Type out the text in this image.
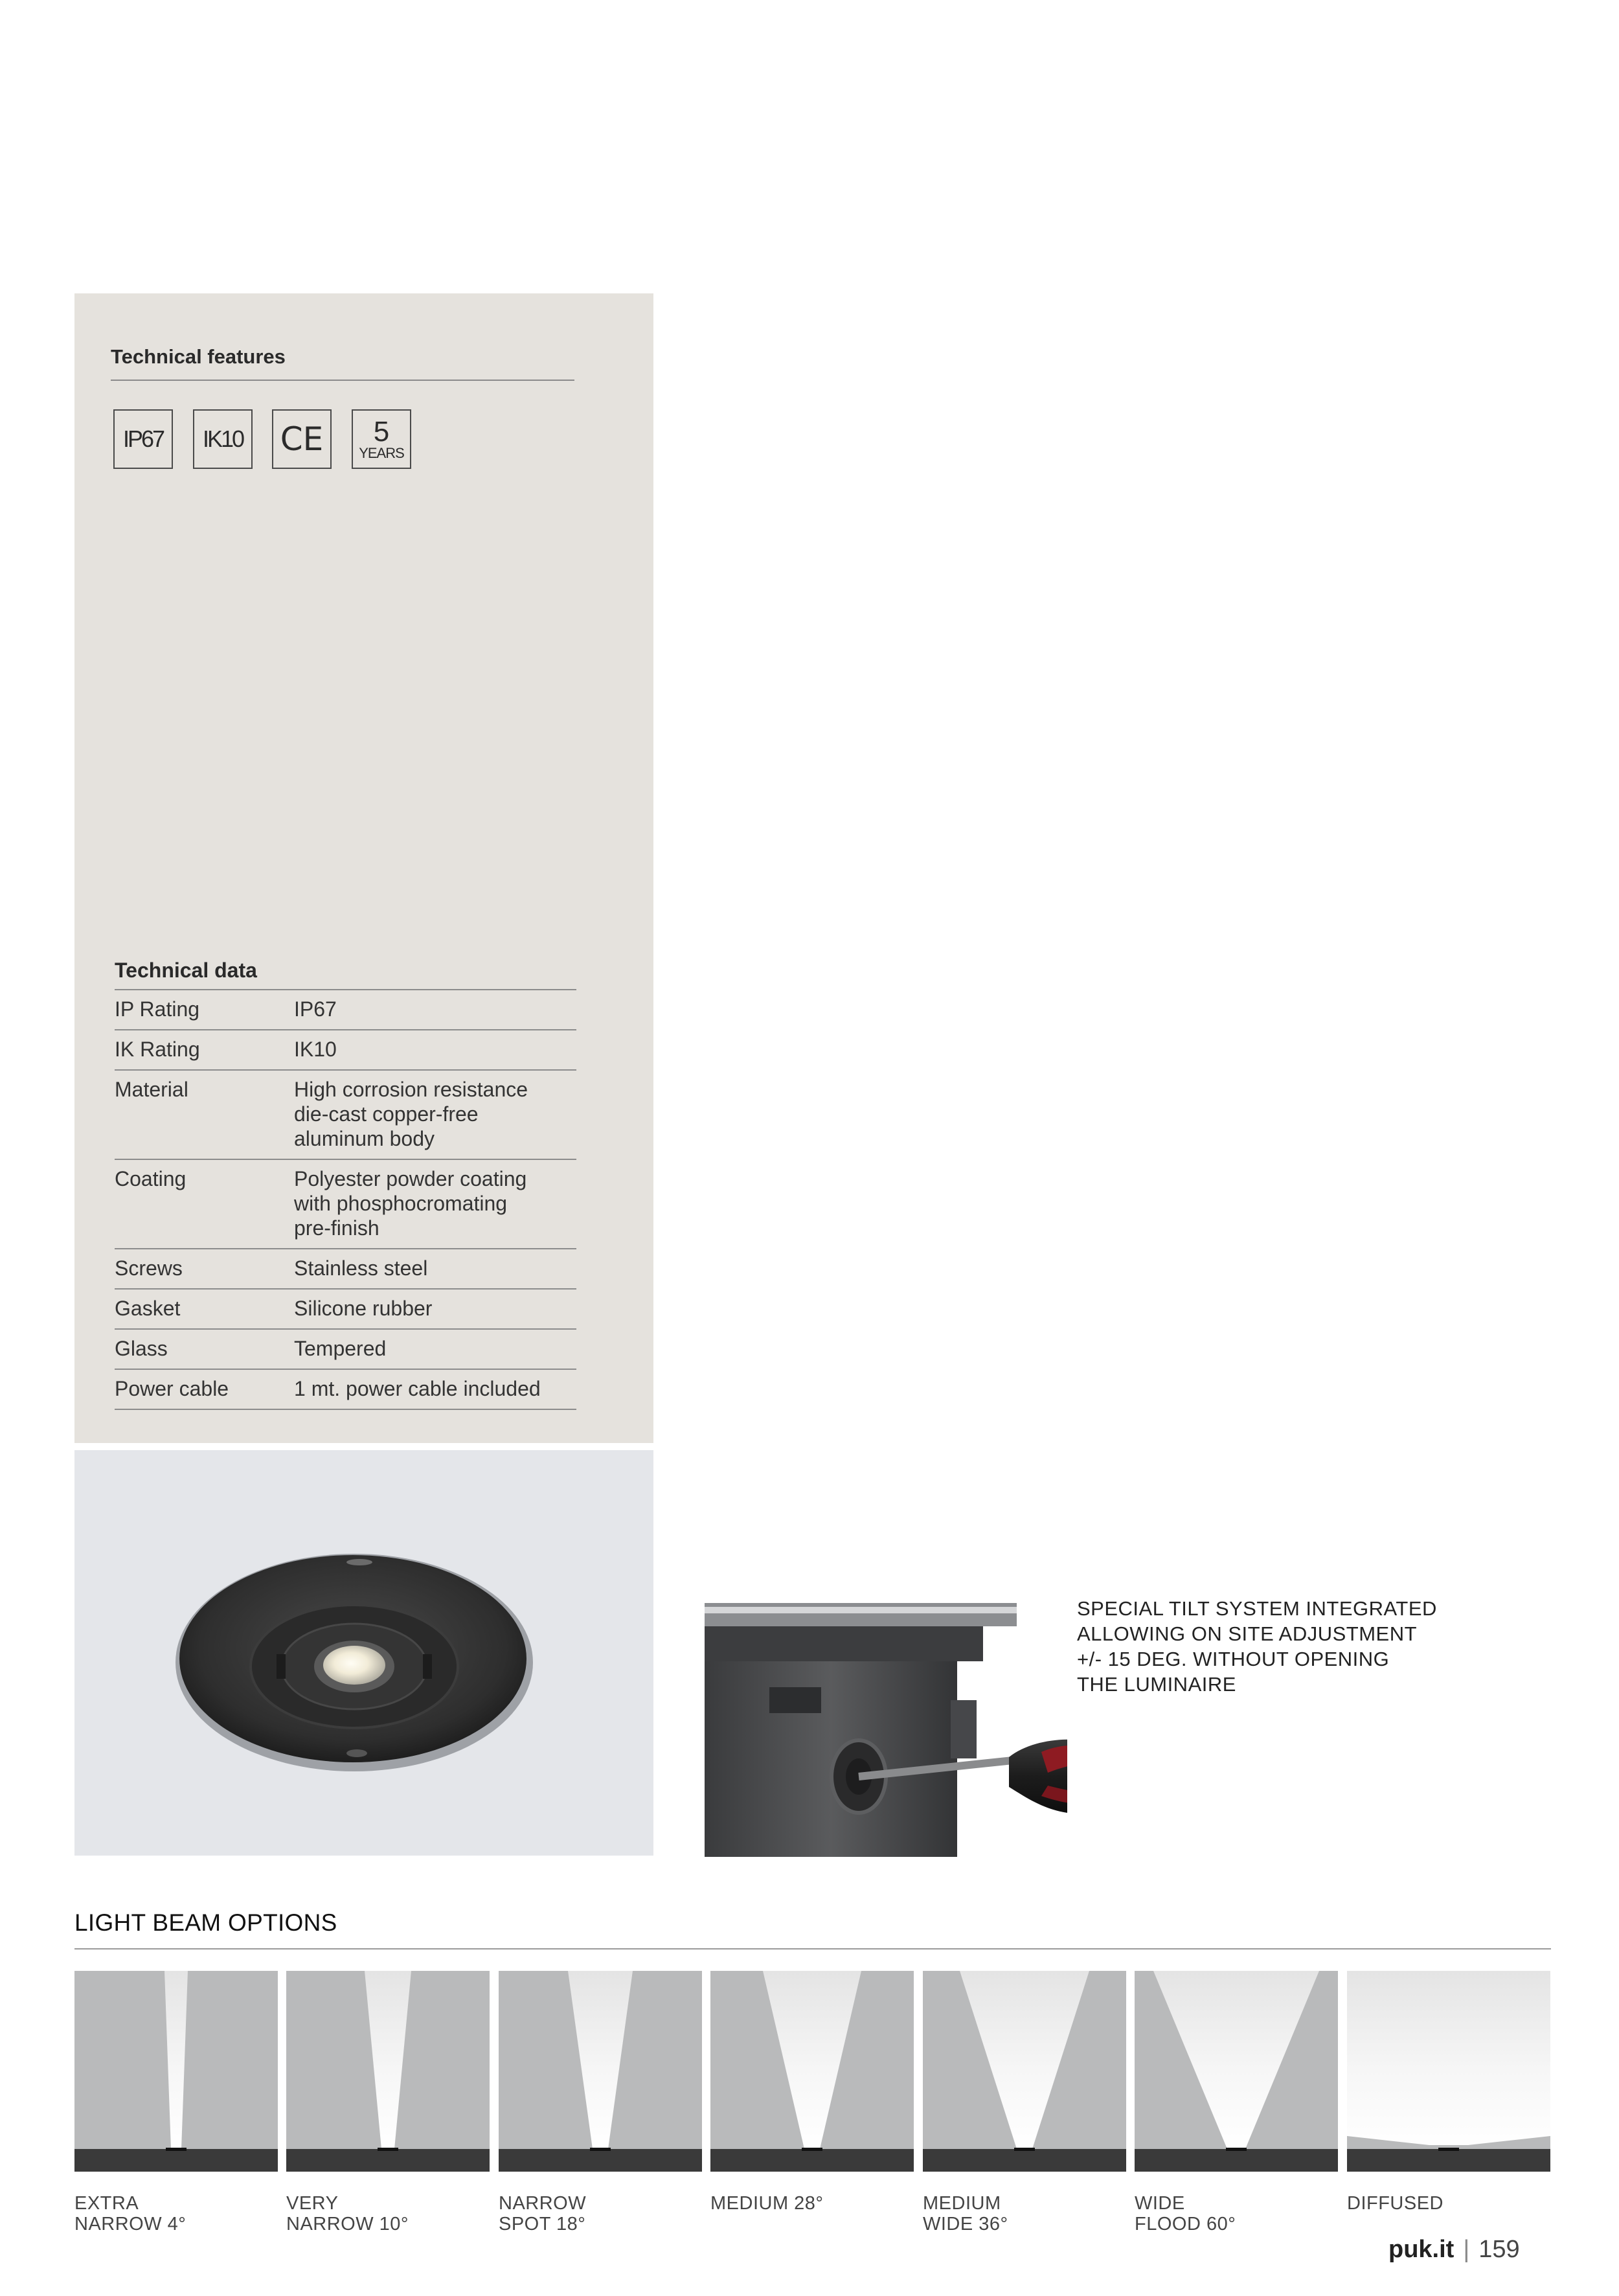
Technical features
IP67 IK10 CE 5
YEARS
Technical data
IP Rating	IP67
IK Rating	IK10
Material	High corrosion resistance
die-cast copper-free
aluminum body
Coating	Polyester powder coating
with phosphocromating
pre-finish
Screws	Stainless steel
Gasket	Silicone rubber
Glass	Tempered
Power cable	1 mt. power cable included
SPECIAL TILT SYSTEM INTEGRATED
ALLOWING ON SITE ADJUSTMENT
+/- 15 DEG. WITHOUT OPENING
THE LUMINAIRE
LIGHT BEAM OPTIONS
EXTRA
NARROW 4°
VERY
NARROW 10°
NARROW
SPOT 18°
MEDIUM 28°	MEDIUM
WIDE 36°
WIDE
FLOOD 60°
DIFFUSED
puk.it | 159
